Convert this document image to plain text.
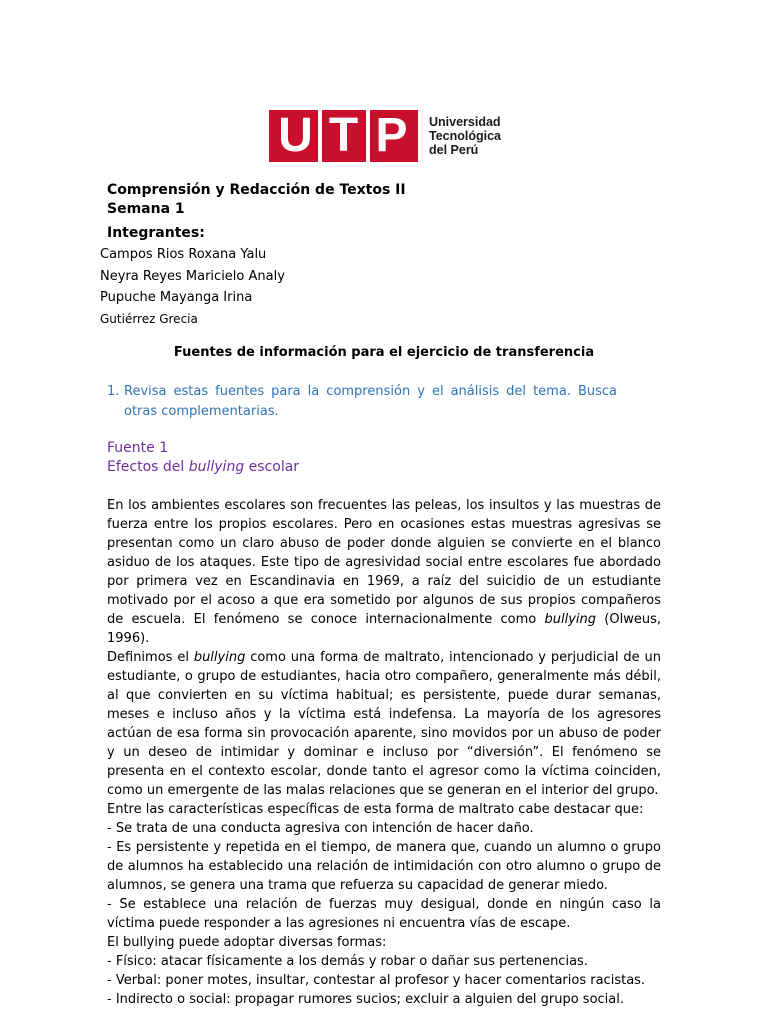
U T P	Universidad
Tecnológica
del Perú
Comprensión y Redacción de Textos II
Semana 1
Integrantes:
Campos Rios Roxana Yalu
Neyra Reyes Maricielo Analy
Pupuche Mayanga Irina
Gutiérrez Grecia
Fuentes de información para el ejercicio de transferencia
1. Revisa estas fuentes para la comprensión y el análisis del tema. Busca otras complementarias.
Fuente 1
Efectos del bullying escolar

En los ambientes escolares son frecuentes las peleas, los insultos y las muestras de fuerza entre los propios escolares. Pero en ocasiones estas muestras agresivas se presentan como un claro abuso de poder donde alguien se convierte en el blanco asiduo de los ataques. Este tipo de agresividad social entre escolares fue abordado por primera vez en Escandinavia en 1969, a raíz del suicidio de un estudiante motivado por el acoso a que era sometido por algunos de sus propios compañeros de escuela. El fenómeno se conoce internacionalmente como bullying (Olweus, 1996).

Definimos el bullying como una forma de maltrato, intencionado y perjudicial de un estudiante, o grupo de estudiantes, hacia otro compañero, generalmente más débil, al que convierten en su víctima habitual; es persistente, puede durar semanas, meses e incluso años y la víctima está indefensa. La mayoría de los agresores actúan de esa forma sin provocación aparente, sino movidos por un abuso de poder y un deseo de intimidar y dominar e incluso por “diversión”. El fenómeno se presenta en el contexto escolar, donde tanto el agresor como la víctima coinciden, como un emergente de las malas relaciones que se generan en el interior del grupo.

Entre las características específicas de esta forma de maltrato cabe destacar que:

- Se trata de una conducta agresiva con intención de hacer daño.

- Es persistente y repetida en el tiempo, de manera que, cuando un alumno o grupo de alumnos ha establecido una relación de intimidación con otro alumno o grupo de alumnos, se genera una trama que refuerza su capacidad de generar miedo.

- Se establece una relación de fuerzas muy desigual, donde en ningún caso la víctima puede responder a las agresiones ni encuentra vías de escape.

El bullying puede adoptar diversas formas:

- Físico: atacar físicamente a los demás y robar o dañar sus pertenencias.

- Verbal: poner motes, insultar, contestar al profesor y hacer comentarios racistas.

- Indirecto o social: propagar rumores sucios; excluir a alguien del grupo social.
